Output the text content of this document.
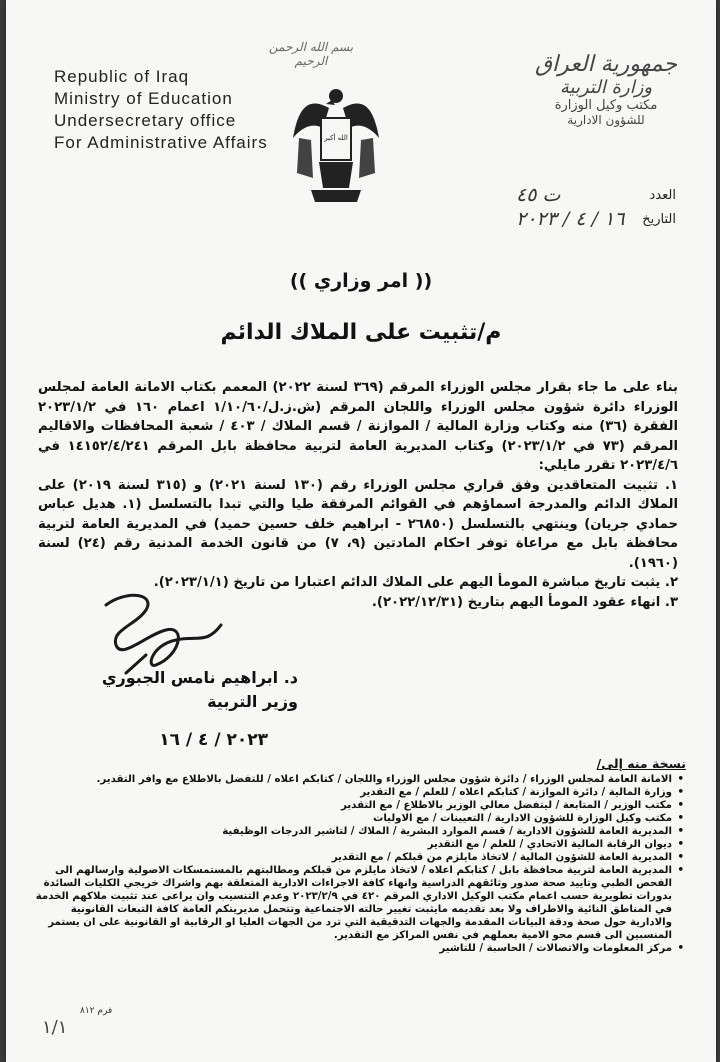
Republic of Iraq
Ministry of Education
Undersecretary office
For Administrative Affairs
بسم الله الرحمن الرحيم
الله أكبر
جمهورية العراق
وزارة التربية
مكتب وكيل الوزارة
للشؤون الادارية
العدد
ت ٤٥
التاريخ
١٦ / ٤ / ٢٠٢٣
(( امر وزاري ))
م/تثبيت على الملاك الدائم

بناء على ما جاء بقرار مجلس الوزراء المرقم (٣٦٩ لسنة ٢٠٢٢) المعمم بكتاب الامانة العامة لمجلس الوزراء دائرة شؤون مجلس الوزراء واللجان المرقم (ش.ز.ل/١/١٠/٦٠ اعمام ١٦٠ في ٢٠٢٣/١/٢ الفقرة (٣٦) منه وكتاب وزارة المالية / الموازنة / قسم الملاك / ٤٠٣ / شعبة المحافظات والاقاليم المرقم (٧٣ في ٢٠٢٣/١/٢) وكتاب المديرية العامة لتربية محافظة بابل المرقم ١٤١٥٢/٤/٢٤١ في ٢٠٢٣/٤/٦ تقرر مايلي:

١. تثبيت المتعاقدين وفق قراري مجلس الوزراء رقم (١٣٠ لسنة ٢٠٢١) و (٣١٥ لسنة ٢٠١٩) على الملاك الدائم والمدرجة اسماؤهم في القوائم المرفقة طيا والتي تبدا بالتسلسل (١. هديل عباس حمادي جريان) وينتهي بالتسلسل (٢٦٨٥٠ - ابراهيم خلف حسين حميد) في المديرية العامة لتربية محافظة بابل مع مراعاة توفر احكام المادتين (٩، ٧) من قانون الخدمة المدنية رقم (٢٤) لسنة (١٩٦٠).
٢. يثبت تاريخ مباشرة المومأ اليهم على الملاك الدائم اعتبارا من تاريخ (٢٠٢٣/١/١).
٣. انهاء عقود المومأ اليهم بتاريخ (٢٠٢٢/١٢/٣١).
د. ابراهيم نامس الجبوري
وزير التربية
٢٠٢٣ / ٤ / ١٦
نسخة منه إلى/
• الامانة العامة لمجلس الوزراء / دائرة شؤون مجلس الوزراء واللجان / كتابكم اعلاه / للتفضل بالاطلاع مع وافر التقدير.
• وزارة المالية / دائرة الموازنة / كتابكم اعلاه / للعلم / مع التقدير
• مكتب الوزير / المتابعة / ليتفضل معالي الوزير بالاطلاع / مع التقدير
• مكتب وكيل الوزارة للشؤون الادارية / التعيينات / مع الاوليات
• المديرية العامة للشؤون الادارية / قسم الموارد البشرية / الملاك / لتاشير الدرجات الوظيفية
• ديوان الرقابة المالية الاتحادي / للعلم / مع التقدير
• المديرية العامة للشؤون المالية / لاتخاذ مايلزم من قبلكم / مع التقدير
• المديرية العامة لتربية محافظة بابل / كتابكم اعلاه / لاتخاذ مايلزم من قبلكم ومطالبتهم بالمستمسكات الاصولية وارسالهم الى الفحص الطبي وتاييد صحة صدور وثائقهم الدراسية وانهاء كافة الاجراءات الادارية المتعلقة بهم واشراك خريجي الكليات السائدة بدورات تطويرية حسب اعمام مكتب الوكيل الاداري المرقم ٤٢٠ في ٢٠٢٣/٢/٩ وعدم التنسيب وان يراعى عند تثبيت ملاكهم الخدمة في المناطق النائية والاطراف ولا بعد تقديمه مايثبت تغيير حالته الاجتماعية وتتحمل مديريتكم العامة كافة التبعات القانونية والادارية حول صحة ودقة البيانات المقدمة والجهات التدقيقية التي ترد من الجهات العليا او الرقابية او القانونية على ان يستمر المنسبين الى قسم محو الامية بعملهم في نفس المراكز مع التقدير.
• مركز المعلومات والاتصالات / الحاسبة / للتاشير
فرم ٨١٢
١/١
